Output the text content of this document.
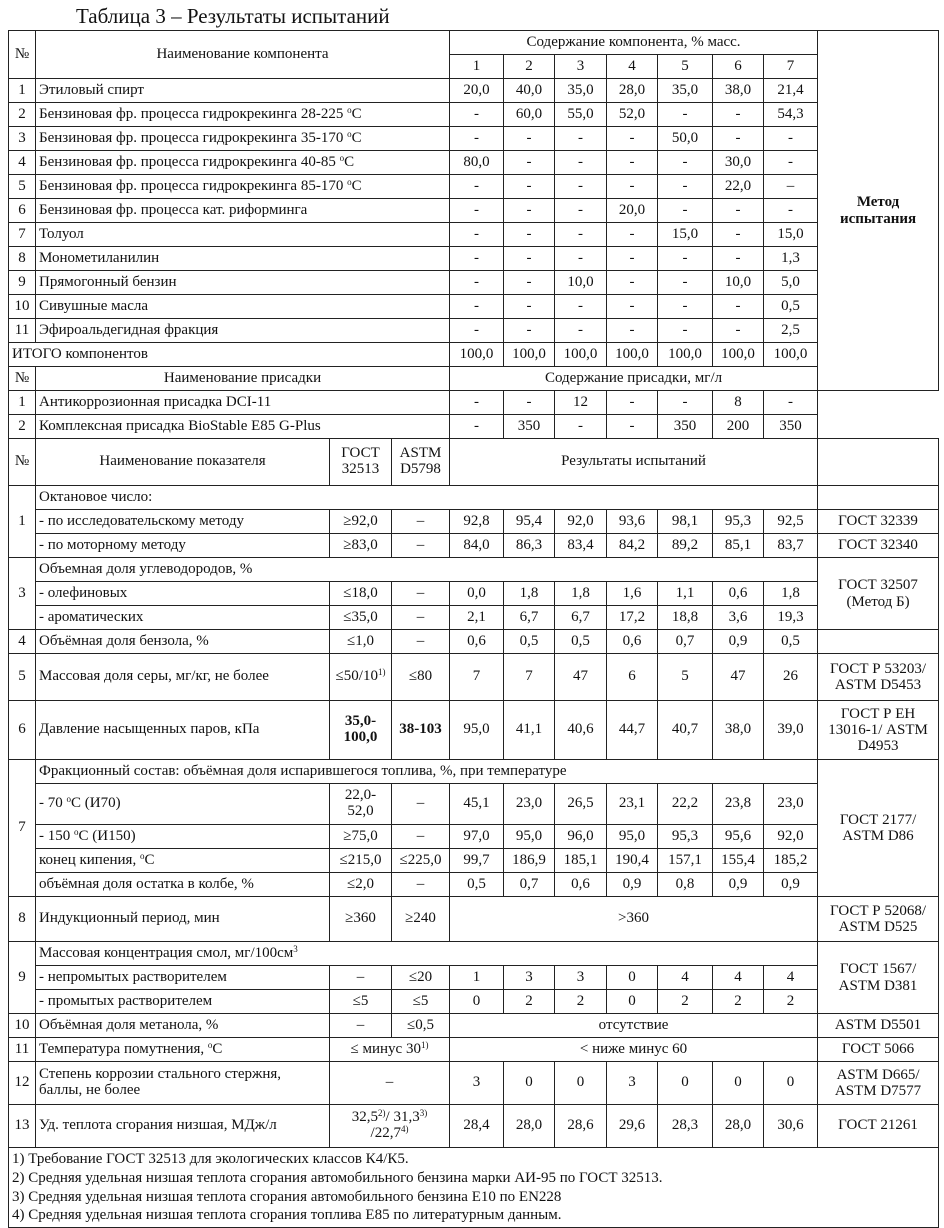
Таблица 3 – Результаты испытаний
№	Наименование компонента	Содержание компонента, % масс.	Метод испытания
1	2	3	4	5	6	7
1	Этиловый спирт	20,0	40,0	35,0	28,0	35,0	38,0	21,4
2	Бензиновая фр. процесса гидрокрекинга 28-225 $^о$С	-	60,0	55,0	52,0	-	-	54,3
3	Бензиновая фр. процесса гидрокрекинга 35-170 $^о$С	-	-	-	-	50,0	-	-
4	Бензиновая фр. процесса гидрокрекинга 40-85 $^о$С	80,0	-	-	-	-	30,0	-
5	Бензиновая фр. процесса гидрокрекинга 85-170 $^о$С	-	-	-	-	-	22,0	–
6	Бензиновая фр. процесса кат. риформинга	-	-	-	20,0	-	-	-
7	Толуол	-	-	-	-	15,0	-	15,0
8	Монометиланилин	-	-	-	-	-	-	1,3
9	Прямогонный бензин	-	-	10,0	-	-	10,0	5,0
10	Сивушные масла	-	-	-	-	-	-	0,5
11	Эфироальдегидная фракция	-	-	-	-	-	-	2,5
ИТОГО компонентов	100,0	100,0	100,0	100,0	100,0	100,0	100,0
№	Наименование присадки	Содержание присадки, мг/л
1	Антикоррозионная присадка DCI-11	-	-	12	-	-	8	-
2	Комплексная присадка BioStable E85 G-Plus	-	350	-	-	350	200	350
№	Наименование показателя	ГОСТ 32513	ASTM D5798	Результаты испытаний	
1	Октановое число:	
- по исследовательскому методу	≥92,0	–	92,8	95,4	92,0	93,6	98,1	95,3	92,5	ГОСТ 32339
- по моторному методу	≥83,0	–	84,0	86,3	83,4	84,2	89,2	85,1	83,7	ГОСТ 32340
3	Объемная доля углеводородов, %	ГОСТ 32507 (Метод Б)
- олефиновых	≤18,0	–	0,0	1,8	1,8	1,6	1,1	0,6	1,8
- ароматических	≤35,0	–	2,1	6,7	6,7	17,2	18,8	3,6	19,3
4	Объёмная доля бензола, %	≤1,0	–	0,6	0,5	0,5	0,6	0,7	0,9	0,5	
5	Массовая доля серы, мг/кг, не более	$\le 50/10^{1)}$	≤80	7	7	47	6	5	47	26	ГОСТ Р 53203/ ASTM D5453
6	Давление насыщенных паров, кПа	35,0-100,0	38-103	95,0	41,1	40,6	44,7	40,7	38,0	39,0	ГОСТ Р ЕН 13016-1/ ASTM D4953
7	Фракционный состав: объёмная доля испарившегося топлива, %, при температуре	ГОСТ 2177/ ASTM D86
- 70 $^о$С (И70)	22,0-52,0	–	45,1	23,0	26,5	23,1	22,2	23,8	23,0
- 150 $^о$С (И150)	≥75,0	–	97,0	95,0	96,0	95,0	95,3	95,6	92,0
конец кипения, $^о$С	≤215,0	≤225,0	99,7	186,9	185,1	190,4	157,1	155,4	185,2
объёмная доля остатка в колбе, %	≤2,0	–	0,5	0,7	0,6	0,9	0,8	0,9	0,9
8	Индукционный период, мин	≥360	≥240	>360	ГОСТ Р 52068/ ASTM D525
9	Массовая концентрация смол, $мг/100см^3$	ГОСТ 1567/ ASTM D381
- непромытых растворителем	–	≤20	1	3	3	0	4	4	4
- промытых растворителем	≤5	≤5	0	2	2	0	2	2	2
10	Объёмная доля метанола, %	–	≤0,5	отсутствие	ASTM D5501
11	Температура помутнения, $^о$С	≤ минус $30^{1)}$	< ниже минус 60	ГОСТ 5066
12	Степень коррозии стального стержня, баллы, не более	–	3	0	0	3	0	0	0	ASTM D665/ ASTM D7577
13	Уд. теплота сгорания низшая, МДж/л	32,5$^{2)}$/ 31,3$^{3)}$
/22,7$^{4)}$	28,4	28,0	28,6	29,6	28,3	28,0	30,6	ГОСТ 21261

1) Требование ГОСТ 32513 для экологических классов К4/К5.
2) Средняя удельная низшая теплота сгорания автомобильного бензина марки АИ-95 по ГОСТ 32513.
3) Средняя удельная низшая теплота сгорания автомобильного бензина Е10 по EN228
4) Средняя удельная низшая теплота сгорания топлива Е85 по литературным данным.
